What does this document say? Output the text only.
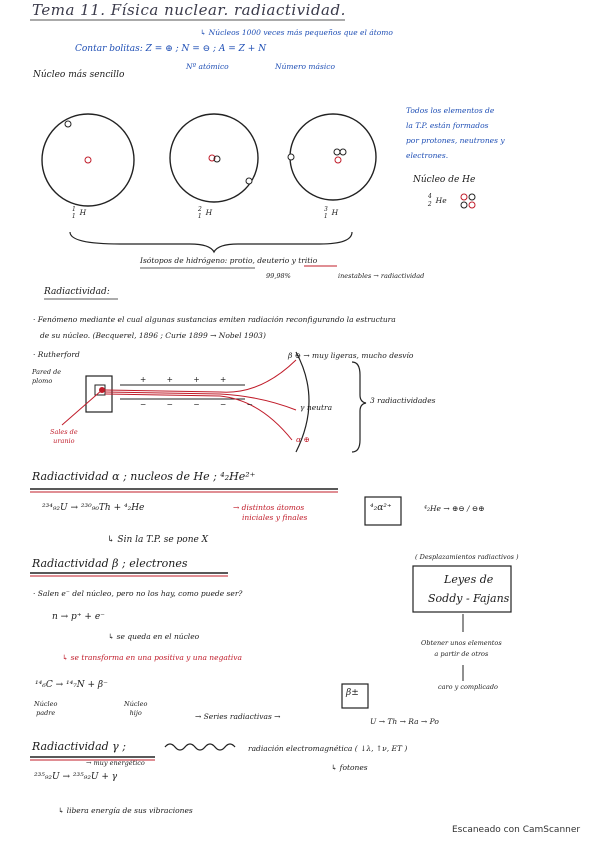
Tema 11. Física nuclear. radiactividad.
↳ Núcleos 1000 veces más pequeños que el átomo
Contar bolitas: Z = ⊕ ; N = ⊖ ; A = Z + N
Nº atómico	Número másico
Núcleo más sencillo
Todos los elementos de
la T.P. están formados
por protones, neutrones y
electrones.
Núcleo de He
$^4_2$ He
$^1_1$ H	$^2_1$ H	$^3_1$ H
Isótopos de hidrógeno: protio, deuterio y tritio
99,98%	inestables → radiactividad
Radiactividad:
· Fenómeno mediante el cual algunas sustancias emiten radiación reconfigurando la estructura
de su núcleo. (Becquerel, 1896 ; Curie 1899 → Nobel 1903)
· Rutherford
Pared de
plomo
Sales de
uranio
+ + + +
− − − − −
β ⊖ → muy ligeras, mucho desvío
γ neutra
α ⊕
3 radiactividades
Radiactividad α ; nucleos de He ; ⁴₂He²⁺
²³⁴₉₂U → ²³⁰₉₀Th + ⁴₂He	→ distintos átomos
iniciales y finales
↳ Sin la T.P. se pone X
⁴₂α²⁺	⁴₂He → ⊕⊖ / ⊖⊕
Radiactividad β ; electrones	( Desplazamientos radiactivos )
· Salen e⁻ del núcleo, pero no los hay, como puede ser?
n → p⁺ + e⁻
↳ se queda en el núcleo
↳ se transforma en una positiva y una negativa
Leyes de
Soddy - Fajans
Obtener unos elementos
a partir de otros
caro y complicado
¹⁴₆C → ¹⁴₇N + β⁻
Núcleo
padre
Núcleo
hijo
β±
→ Series radiactivas →
U → Th → Ra → Po
Radiactividad γ ;	radiación electromagnética ( ↓λ, ↑ν, ET )
↳ fotones
→ muy energético
²³⁵₉₂U → ²³⁵₉₂U + γ
↳ libera energía de sus vibraciones
Escaneado con CamScanner
